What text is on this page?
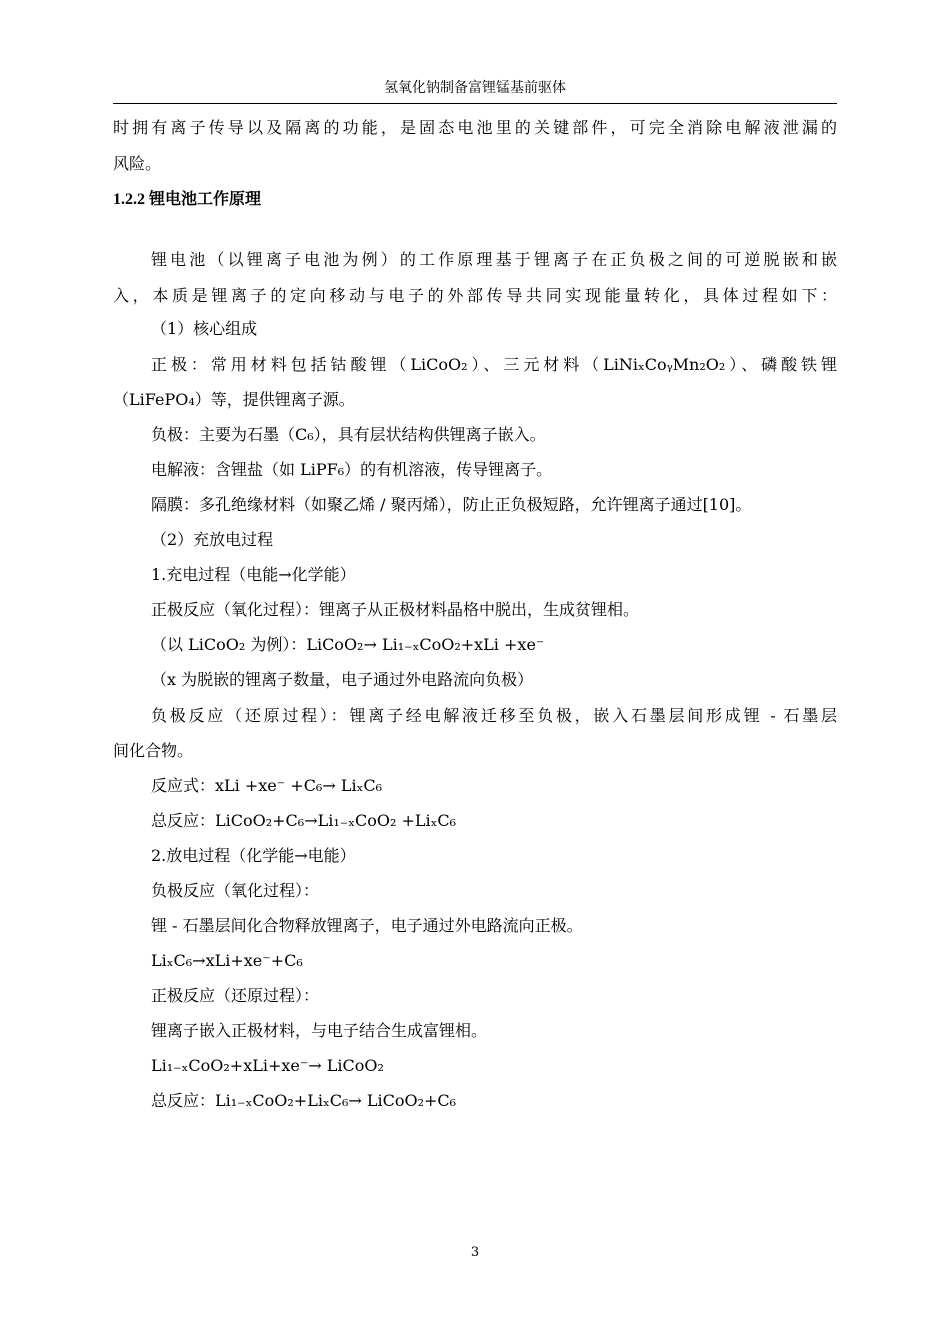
氢氧化钠制备富锂锰基前驱体
时拥有离子传导以及隔离的功能，是固态电池里的关键部件，可完全消除电解液泄漏的
风险。
1.2.2 锂电池工作原理
锂电池（以锂离子电池为例）的工作原理基于锂离子在正负极之间的可逆脱嵌和嵌
入，本质是锂离子的定向移动与电子的外部传导共同实现能量转化，具体过程如下：
（1）核心组成
正极：常用材料包括钴酸锂（LiCoO₂）、三元材料（LiNiₓCoᵧMn₂O₂）、磷酸铁锂
（LiFePO₄）等，提供锂离子源。
负极：主要为石墨（C₆），具有层状结构供锂离子嵌入。
电解液：含锂盐（如 LiPF₆）的有机溶液，传导锂离子。
隔膜：多孔绝缘材料（如聚乙烯 / 聚丙烯），防止正负极短路，允许锂离子通过[10]。
（2）充放电过程
1.充电过程（电能→化学能）
正极反应（氧化过程）：锂离子从正极材料晶格中脱出，生成贫锂相。
（以 LiCoO₂ 为例）：LiCoO₂→ Li₁₋ₓCoO₂+xLi +xe⁻
（x 为脱嵌的锂离子数量，电子通过外电路流向负极）
负极反应（还原过程）：锂离子经电解液迁移至负极，嵌入石墨层间形成锂 - 石墨层
间化合物。
反应式：xLi +xe⁻ +C₆→ LiₓC₆
总反应：LiCoO₂+C₆→Li₁₋ₓCoO₂ +LiₓC₆
2.放电过程（化学能→电能）
负极反应（氧化过程）：
锂 - 石墨层间化合物释放锂离子，电子通过外电路流向正极。
LiₓC₆→xLi+xe⁻+C₆
正极反应（还原过程）：
锂离子嵌入正极材料，与电子结合生成富锂相。
Li₁₋ₓCoO₂+xLi+xe⁻→ LiCoO₂
总反应：Li₁₋ₓCoO₂+LiₓC₆→ LiCoO₂+C₆
3
